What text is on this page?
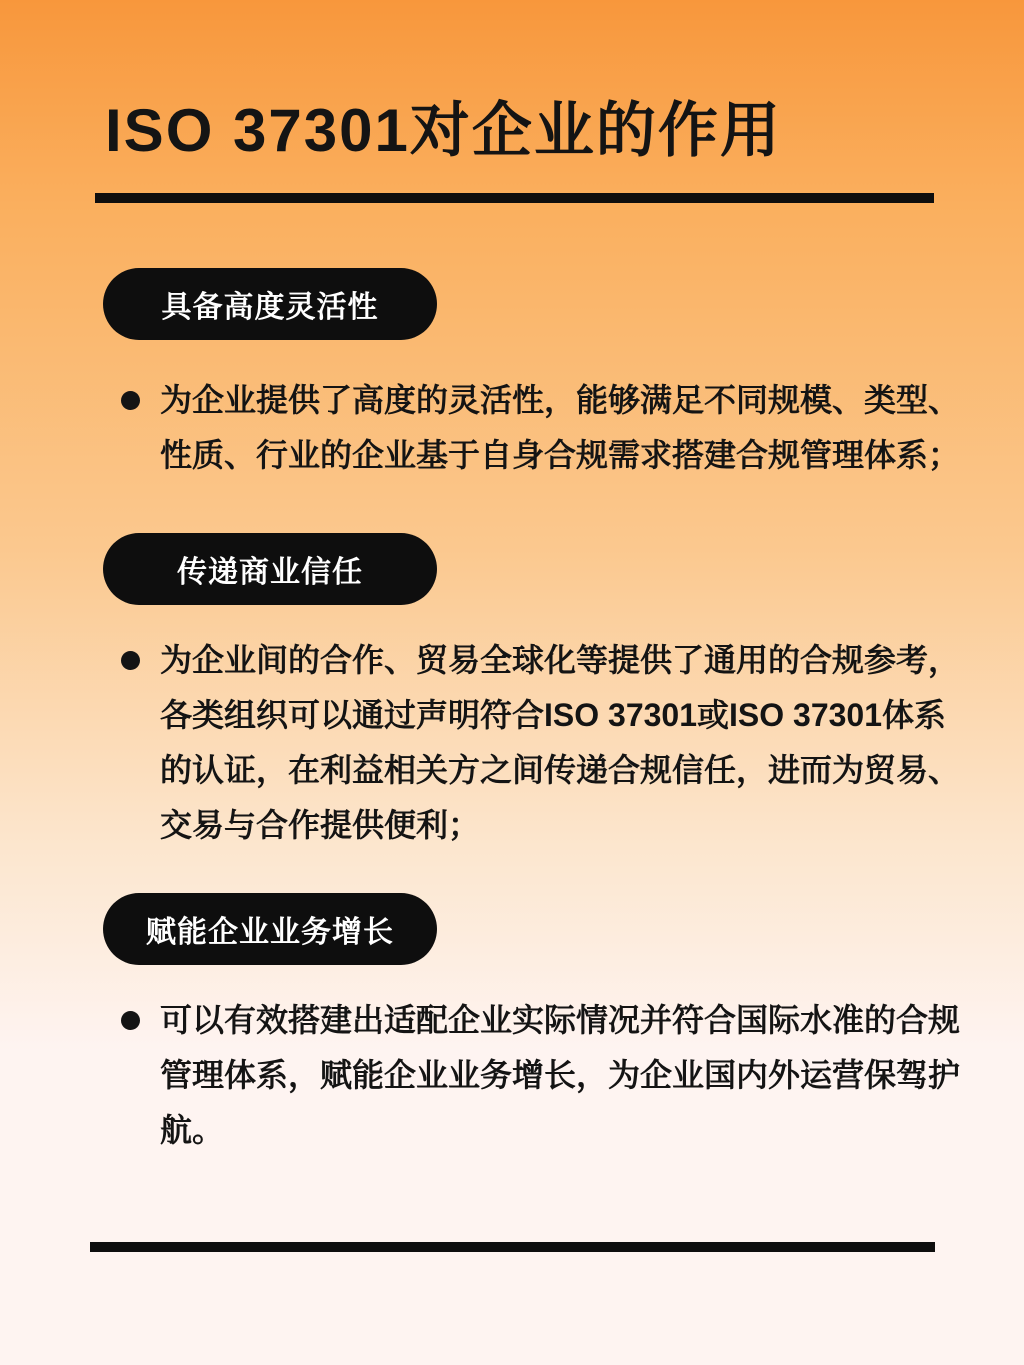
ISO 37301对企业的作用
具备高度灵活性
为企业提供了高度的灵活性，能够满足不同规模、类型、
性质、行业的企业基于自身合规需求搭建合规管理体系；
传递商业信任
为企业间的合作、贸易全球化等提供了通用的合规参考，
各类组织可以通过声明符合ISO 37301或ISO 37301体系
的认证，在利益相关方之间传递合规信任，进而为贸易、
交易与合作提供便利；
赋能企业业务增长
可以有效搭建出适配企业实际情况并符合国际水准的合规
管理体系，赋能企业业务增长，为企业国内外运营保驾护
航。
